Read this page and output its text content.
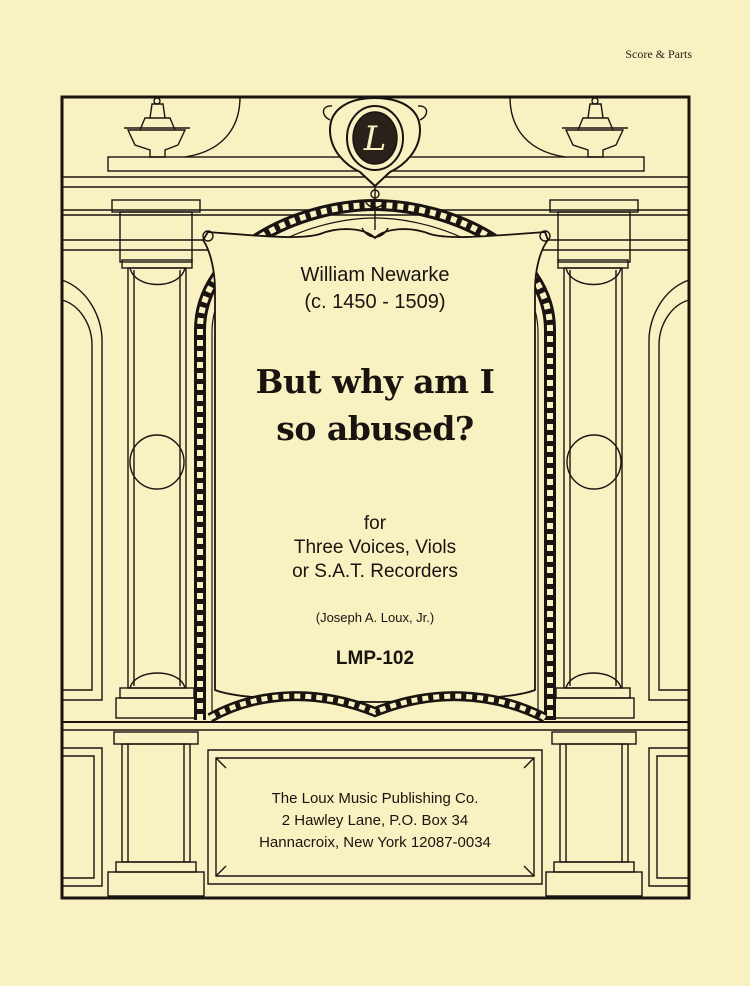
Score & Parts
L
William Newarke
(c. 1450 - 1509)
But why am I
so abused?
for
Three Voices, Viols
or S.A.T. Recorders
(Joseph A. Loux, Jr.)
LMP-102
The Loux Music Publishing Co.
2 Hawley Lane, P.O. Box 34
Hannacroix, New York 12087-0034
